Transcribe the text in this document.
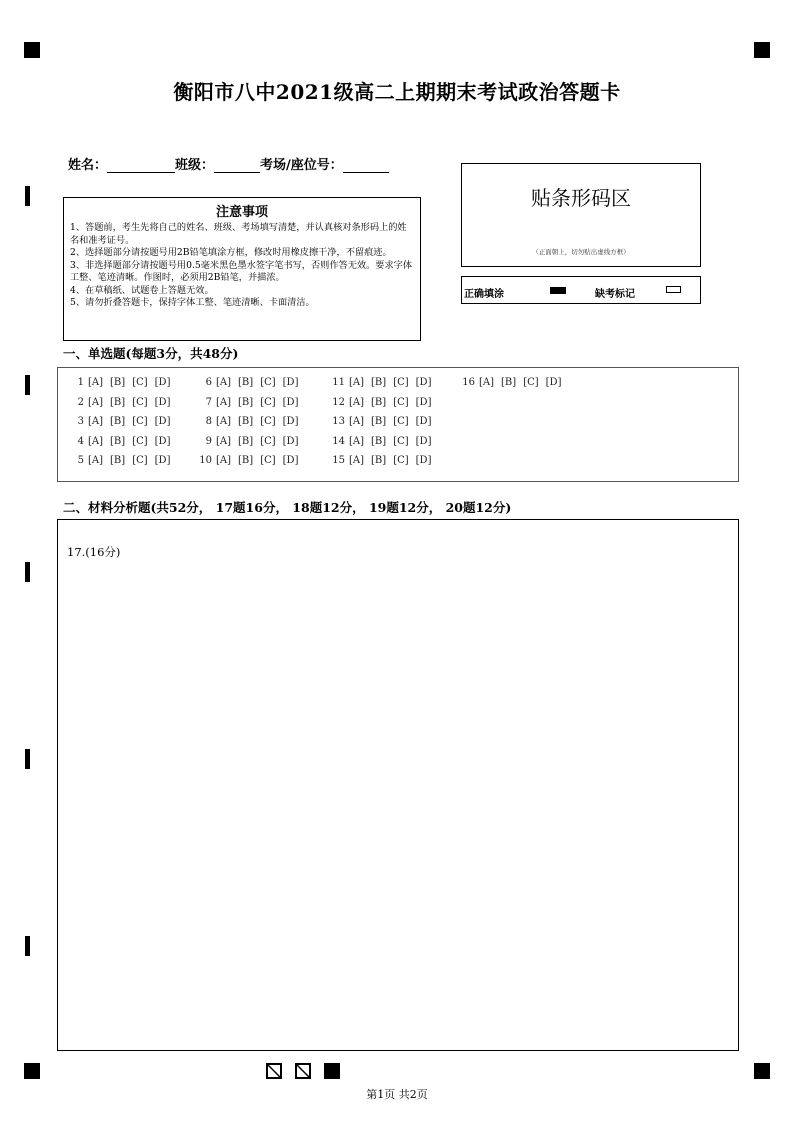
衡阳市八中2021级高二上期期末考试政治答题卡
姓名：	班级：	考场/座位号：
注意事项
1、答题前，考生先将自己的姓名、班级、考场填写清楚，并认真核对条形码上的姓名和准考证号。
2、选择题部分请按题号用2B铅笔填涂方框，修改时用橡皮擦干净，不留痕迹。
3、非选择题部分请按题号用0.5毫米黑色墨水签字笔书写，否则作答无效。要求字体工整、笔迹清晰。作图时，必须用2B铅笔，并描浓。
4、在草稿纸、试题卷上答题无效。
5、请勿折叠答题卡，保持字体工整、笔迹清晰、卡面清洁。
贴条形码区
（正面朝上，切勿贴出虚线方框）
正确填涂	缺考标记
一、单选题(每题3分，共48分)
1 [A] [B] [C] [D]
2 [A] [B] [C] [D]
3 [A] [B] [C] [D]
4 [A] [B] [C] [D]
5 [A] [B] [C] [D]
6 [A] [B] [C] [D]
7 [A] [B] [C] [D]
8 [A] [B] [C] [D]
9 [A] [B] [C] [D]
10 [A] [B] [C] [D]
11 [A] [B] [C] [D]
12 [A] [B] [C] [D]
13 [A] [B] [C] [D]
14 [A] [B] [C] [D]
15 [A] [B] [C] [D]
16 [A] [B] [C] [D]
二、材料分析题(共52分， 17题16分， 18题12分， 19题12分， 20题12分)
17.(16分)
第1页 共2页
